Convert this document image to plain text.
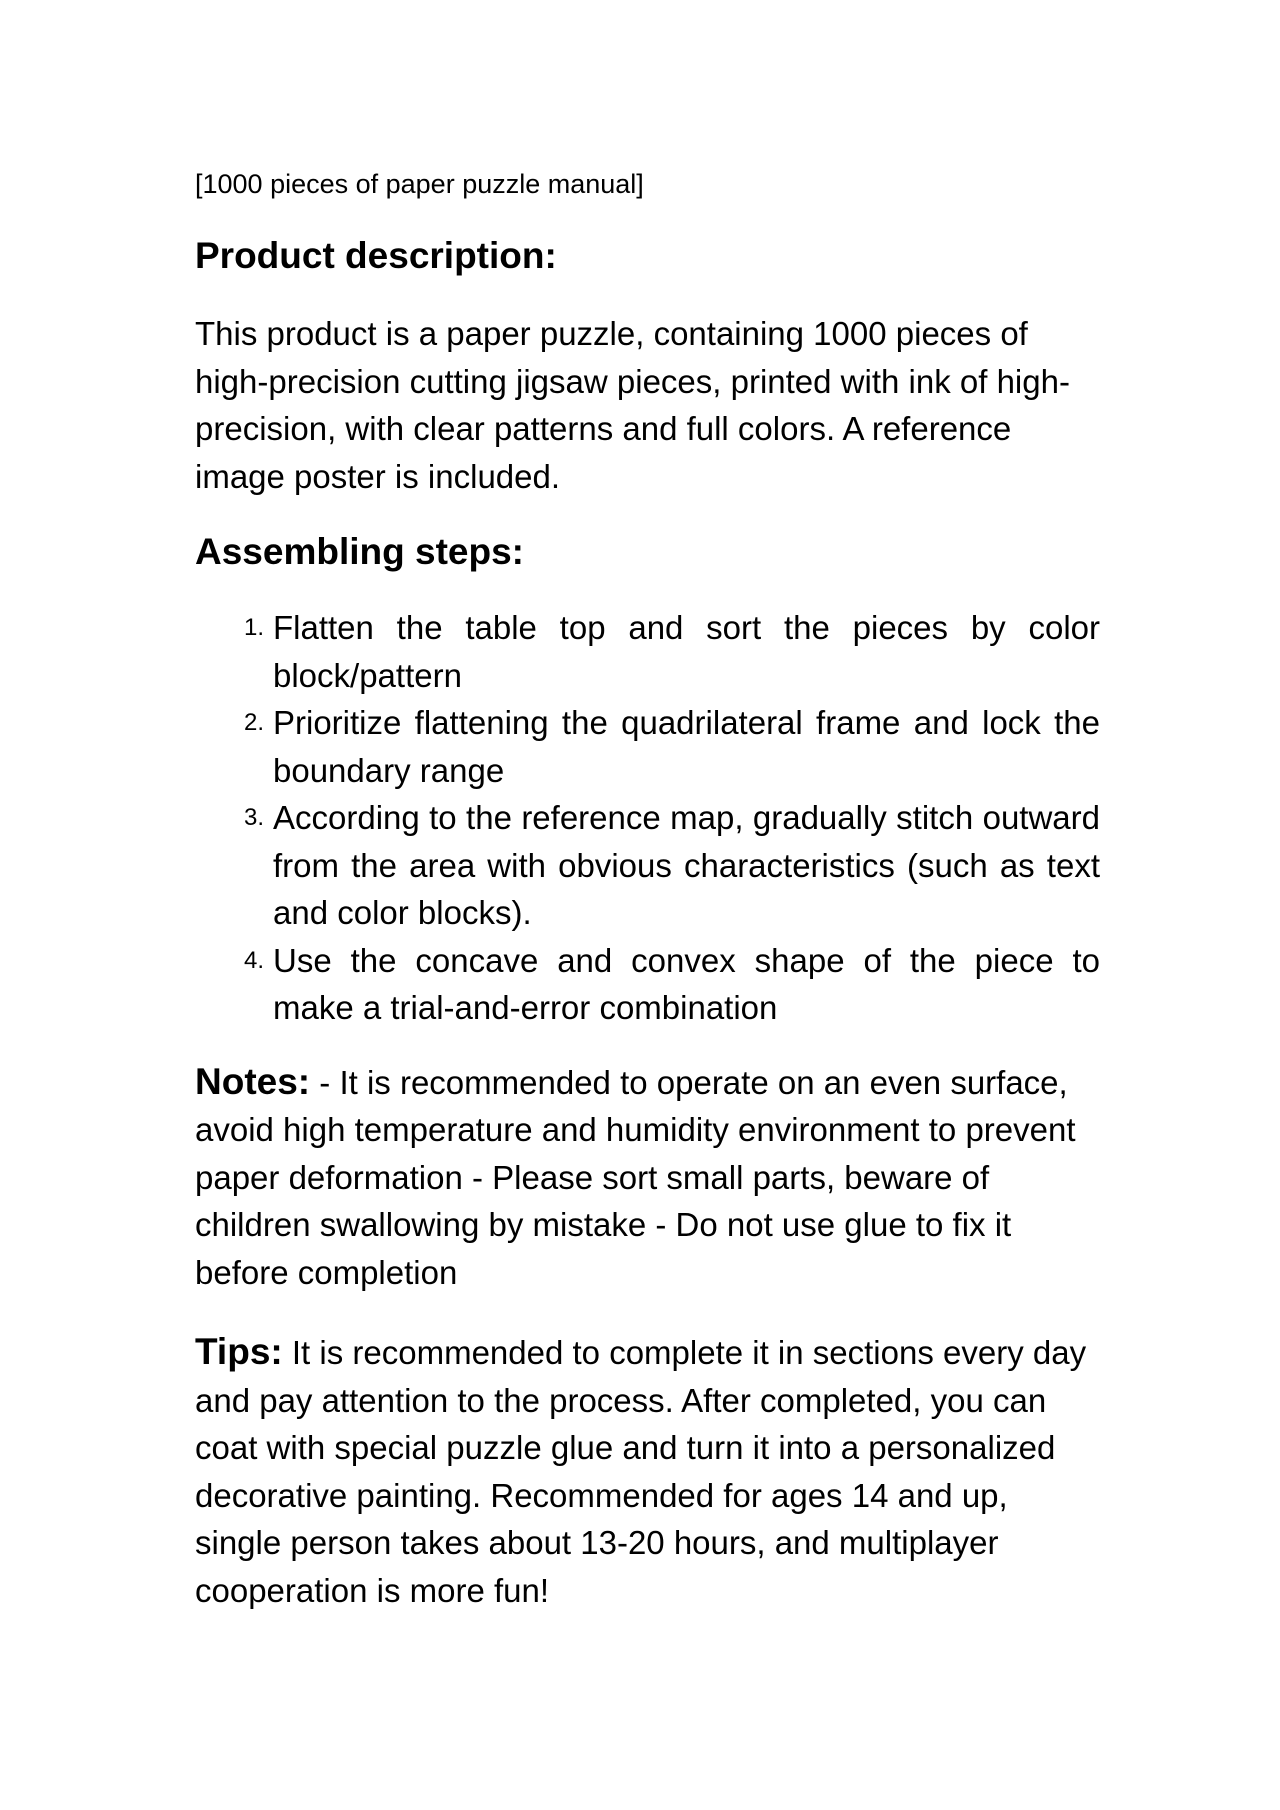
[1000 pieces of paper puzzle manual]

Product description:

This product is a paper puzzle, containing 1000 pieces of high-precision cutting jigsaw pieces, printed with ink of high-precision, with clear patterns and full colors. A reference image poster is included.

Assembling steps:
1. Flatten the table top and sort the pieces by color block/pattern
2. Prioritize flattening the quadrilateral frame and lock the boundary range
3. According to the reference map, gradually stitch outward from the area with obvious characteristics (such as text and color blocks).
4. Use the concave and convex shape of the piece to make a trial-and-error combination

Notes: - It is recommended to operate on an even surface, avoid high temperature and humidity environment to prevent paper deformation - Please sort small parts, beware of children swallowing by mistake - Do not use glue to fix it before completion

Tips: It is recommended to complete it in sections every day and pay attention to the process. After completed, you can coat with special puzzle glue and turn it into a personalized decorative painting. Recommended for ages 14 and up, single person takes about 13-20 hours, and multiplayer cooperation is more fun!
